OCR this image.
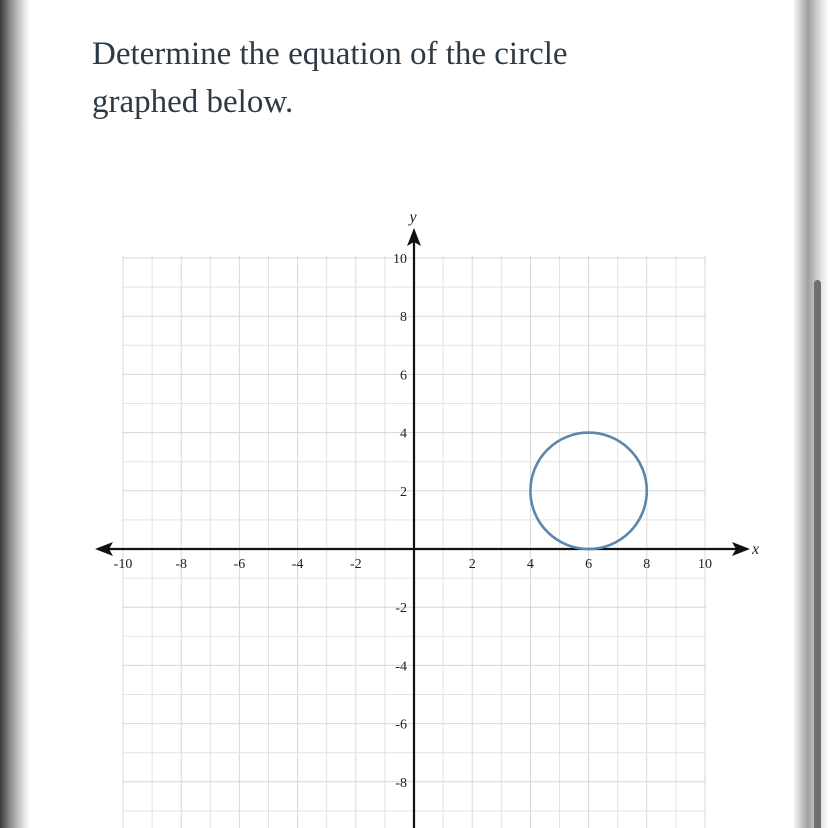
Determine the equation of the circle
graphed below.
-10	-8	-6	-4	-2	2	4	6	8	10
10
8
6
4
2
-2
-4
-6
-8
x
y
